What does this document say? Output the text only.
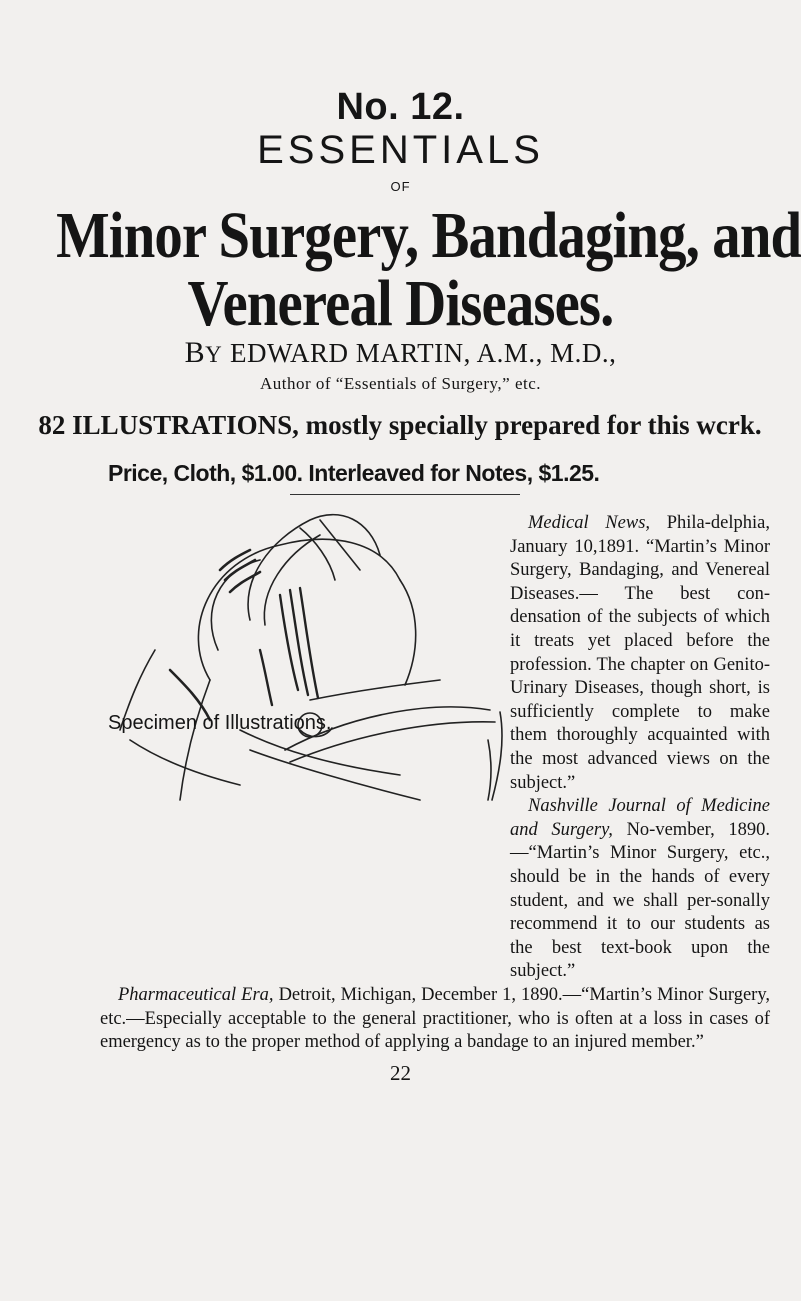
No. 12.
ESSENTIALS
OF
Minor Surgery, Bandaging, and
Venereal Diseases.
BY EDWARD MARTIN, A.M., M.D.,
Author of “Essentials of Surgery,” etc.
82 ILLUSTRATIONS, mostly specially prepared for this wcrk.
Price, Cloth, $1.00. Interleaved for Notes, $1.25.
Specimen of Illustrations.

Medical News, Phila-delphia, January 10,1891. “Martin’s Minor Surgery, Bandaging, and Venereal Diseases.— The best con-densation of the subjects of which it treats yet placed before the profession. The chapter on Genito-Urinary Diseases, though short, is sufficiently complete to make them thoroughly acquainted with the most advanced views on the subject.”

Nashville Journal of Medicine and Surgery, No-vember, 1890.—“Martin’s Minor Surgery, etc., should be in the hands of every student, and we shall per-sonally recommend it to our students as the best text-book upon the subject.”

Pharmaceutical Era, Detroit, Michigan, December 1, 1890.—“Martin’s Minor Surgery, etc.—Especially acceptable to the general practitioner, who is often at a loss in cases of emergency as to the proper method of applying a bandage to an injured member.”

22
